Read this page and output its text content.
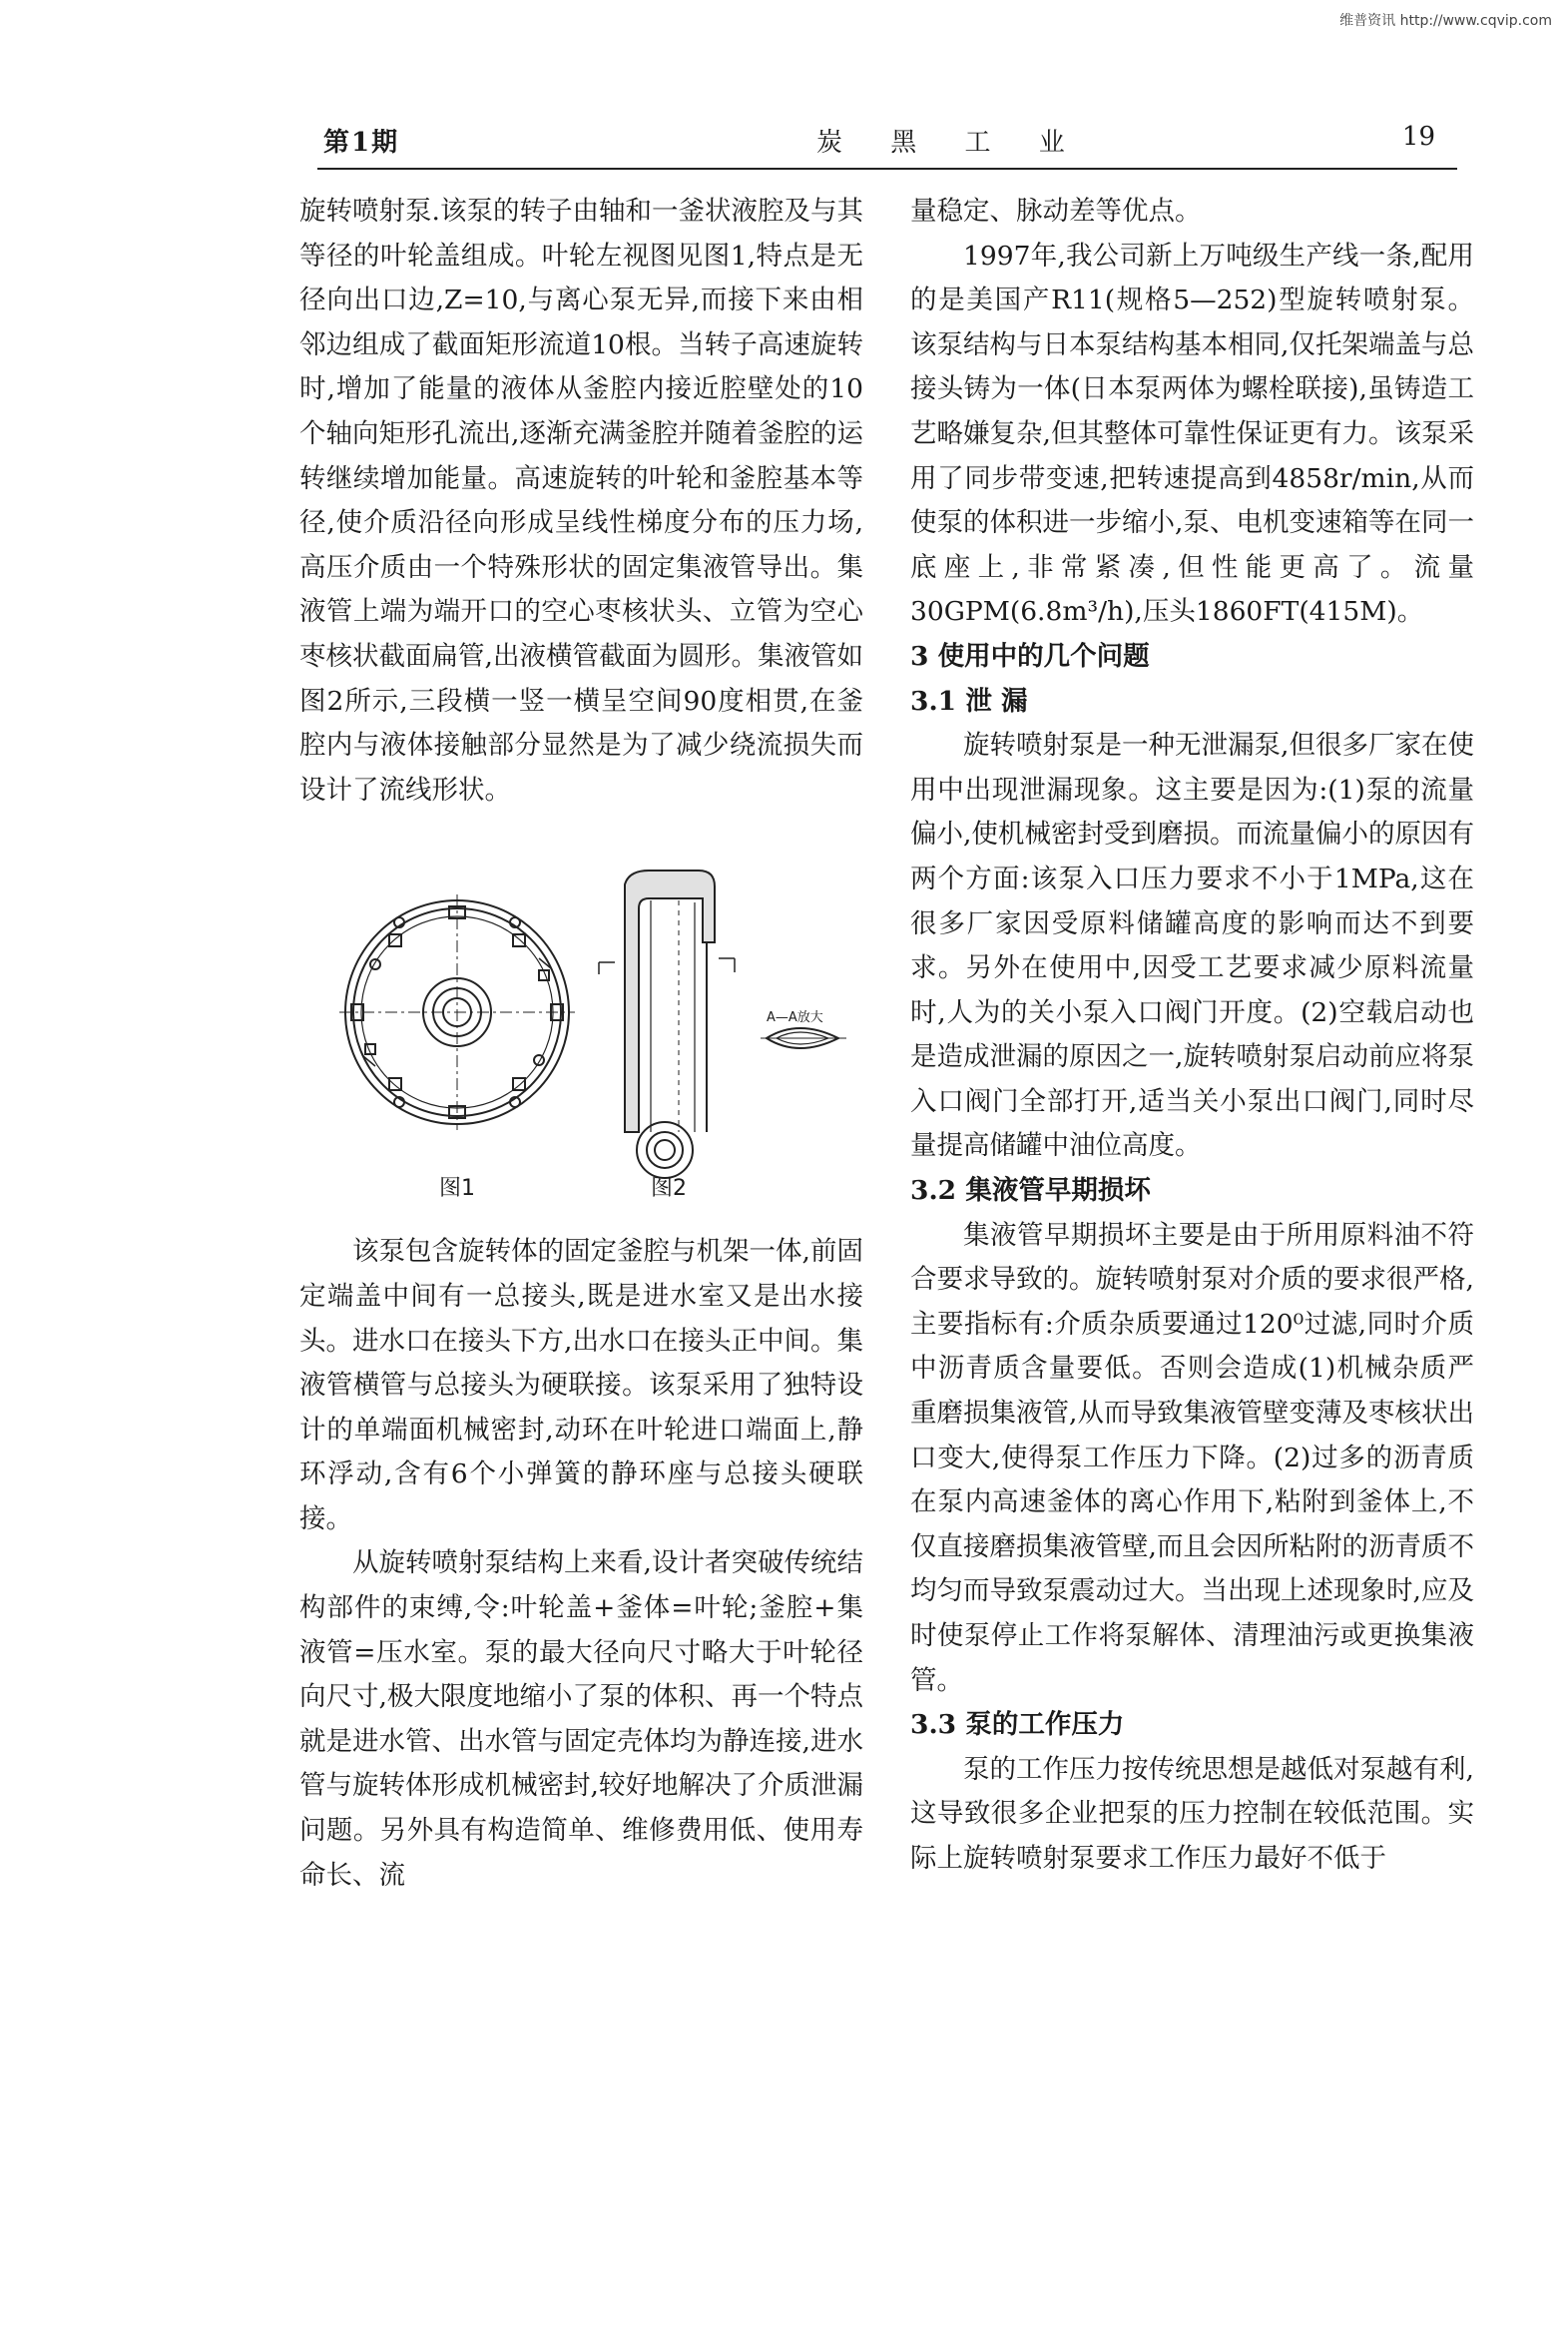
维普资讯 http://www.cqvip.com
第1期	炭 黑 工 业	19

旋转喷射泵.该泵的转子由轴和一釜状液腔及与其等径的叶轮盖组成。叶轮左视图见图1,特点是无径向出口边,Z=10,与离心泵无异,而接下来由相邻边组成了截面矩形流道10根。当转子高速旋转时,增加了能量的液体从釜腔内接近腔壁处的10个轴向矩形孔流出,逐渐充满釜腔并随着釜腔的运转继续增加能量。高速旋转的叶轮和釜腔基本等径,使介质沿径向形成呈线性梯度分布的压力场,高压介质由一个特殊形状的固定集液管导出。集液管上端为端开口的空心枣核状头、立管为空心枣核状截面扁管,出液横管截面为圆形。集液管如图2所示,三段横一竖一横呈空间90度相贯,在釜腔内与液体接触部分显然是为了减少绕流损失而设计了流线形状。

图1	图2
A—A放大

该泵包含旋转体的固定釜腔与机架一体,前固定端盖中间有一总接头,既是进水室又是出水接头。进水口在接头下方,出水口在接头正中间。集液管横管与总接头为硬联接。该泵采用了独特设计的单端面机械密封,动环在叶轮进口端面上,静环浮动,含有6个小弹簧的静环座与总接头硬联接。

从旋转喷射泵结构上来看,设计者突破传统结构部件的束缚,令:叶轮盖+釜体=叶轮;釜腔+集液管=压水室。泵的最大径向尺寸略大于叶轮径向尺寸,极大限度地缩小了泵的体积、再一个特点就是进水管、出水管与固定壳体均为静连接,进水管与旋转体形成机械密封,较好地解决了介质泄漏问题。另外具有构造简单、维修费用低、使用寿命长、流

量稳定、脉动差等优点。

1997年,我公司新上万吨级生产线一条,配用的是美国产R11(规格5—252)型旋转喷射泵。该泵结构与日本泵结构基本相同,仅托架端盖与总接头铸为一体(日本泵两体为螺栓联接),虽铸造工艺略嫌复杂,但其整体可靠性保证更有力。该泵采用了同步带变速,把转速提高到4858r/min,从而使泵的体积进一步缩小,泵、电机变速箱等在同一底座上,非常紧凑,但性能更高了。流量30GPM(6.8m³/h),压头1860FT(415M)。

3 使用中的几个问题
3.1 泄 漏

旋转喷射泵是一种无泄漏泵,但很多厂家在使用中出现泄漏现象。这主要是因为:(1)泵的流量偏小,使机械密封受到磨损。而流量偏小的原因有两个方面:该泵入口压力要求不小于1MPa,这在很多厂家因受原料储罐高度的影响而达不到要求。另外在使用中,因受工艺要求减少原料流量时,人为的关小泵入口阀门开度。(2)空载启动也是造成泄漏的原因之一,旋转喷射泵启动前应将泵入口阀门全部打开,适当关小泵出口阀门,同时尽量提高储罐中油位高度。

3.2 集液管早期损坏

集液管早期损坏主要是由于所用原料油不符合要求导致的。旋转喷射泵对介质的要求很严格,主要指标有:介质杂质要通过120⁰过滤,同时介质中沥青质含量要低。否则会造成(1)机械杂质严重磨损集液管,从而导致集液管壁变薄及枣核状出口变大,使得泵工作压力下降。(2)过多的沥青质在泵内高速釜体的离心作用下,粘附到釜体上,不仅直接磨损集液管壁,而且会因所粘附的沥青质不均匀而导致泵震动过大。当出现上述现象时,应及时使泵停止工作将泵解体、清理油污或更换集液管。

3.3 泵的工作压力

泵的工作压力按传统思想是越低对泵越有利,这导致很多企业把泵的压力控制在较低范围。实际上旋转喷射泵要求工作压力最好不低于
